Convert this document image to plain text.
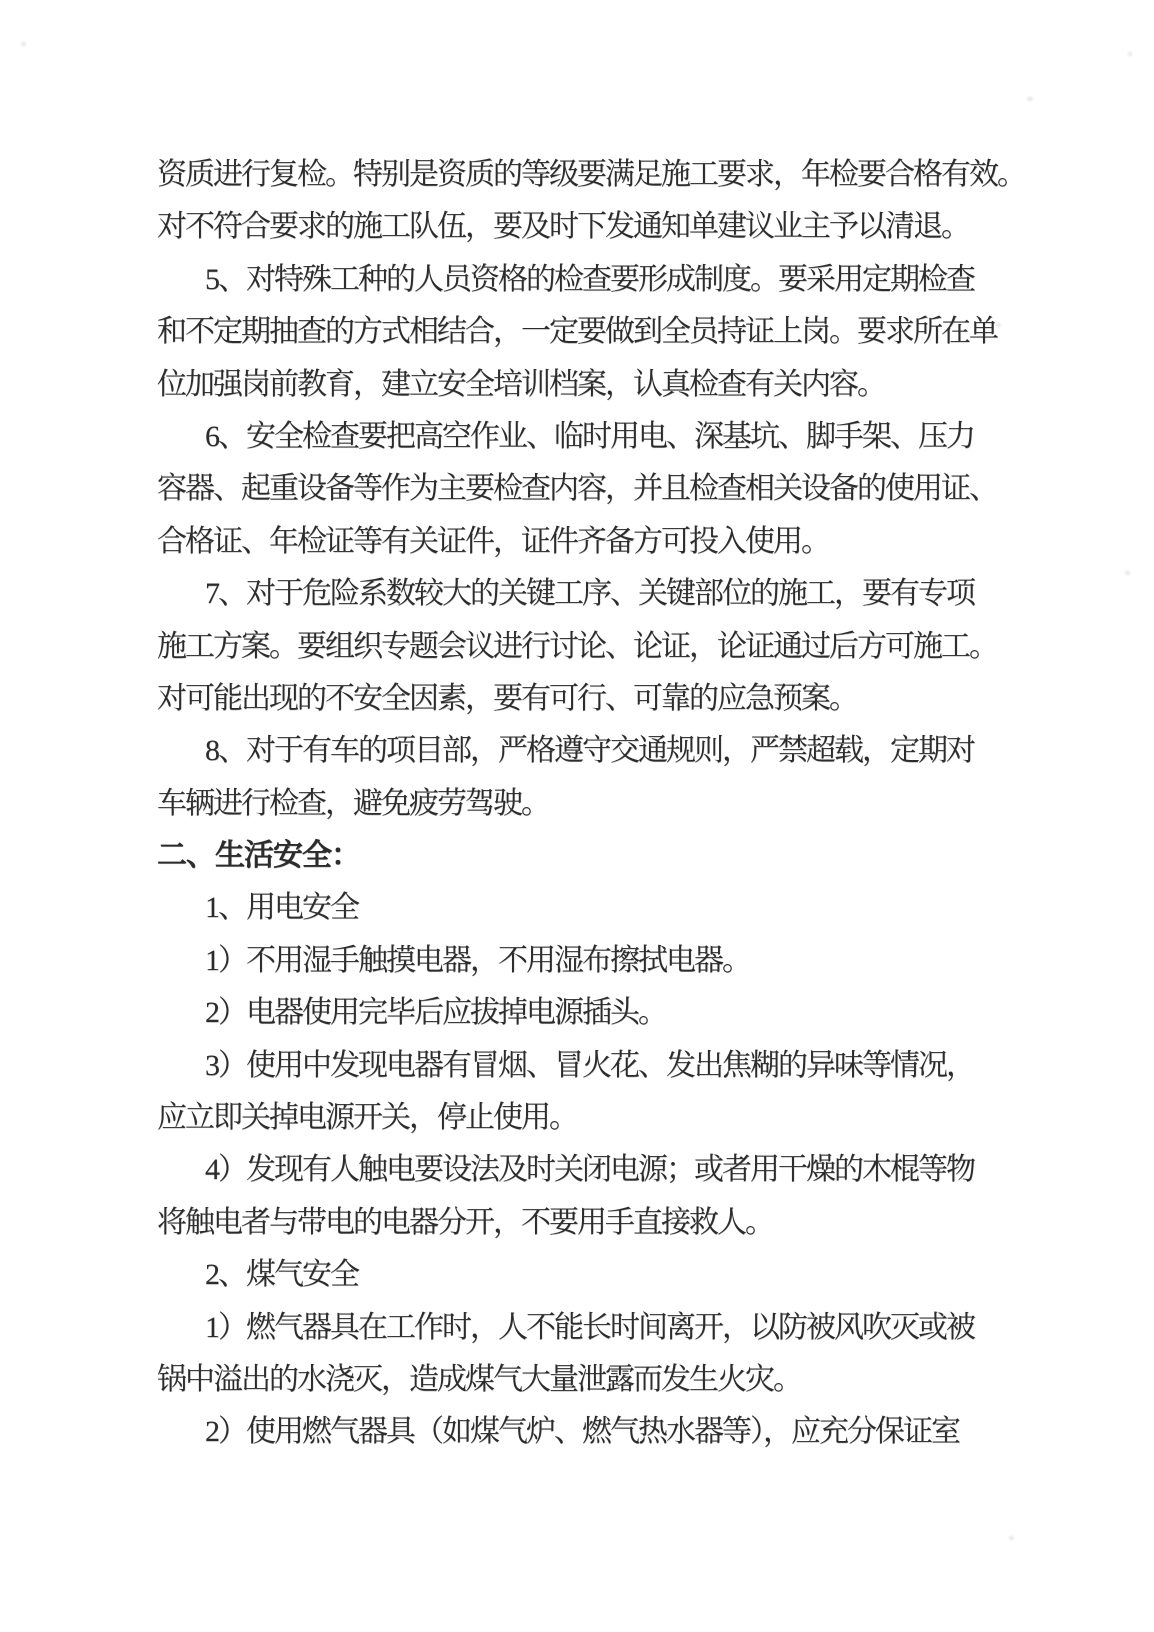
资质进行复检。特别是资质的等级要满足施工要求，年检要合格有效。
对不符合要求的施工队伍，要及时下发通知单建议业主予以清退。
5、对特殊工种的人员资格的检查要形成制度。要采用定期检查
和不定期抽查的方式相结合，一定要做到全员持证上岗。要求所在单
位加强岗前教育，建立安全培训档案，认真检查有关内容。
6、安全检查要把高空作业、临时用电、深基坑、脚手架、压力
容器、起重设备等作为主要检查内容，并且检查相关设备的使用证、
合格证、年检证等有关证件，证件齐备方可投入使用。
7、对于危险系数较大的关键工序、关键部位的施工，要有专项
施工方案。要组织专题会议进行讨论、论证，论证通过后方可施工。
对可能出现的不安全因素，要有可行、可靠的应急预案。
8、对于有车的项目部，严格遵守交通规则，严禁超载，定期对
车辆进行检查，避免疲劳驾驶。
二、生活安全：
1、用电安全
1）不用湿手触摸电器，不用湿布擦拭电器。
2）电器使用完毕后应拔掉电源插头。
3）使用中发现电器有冒烟、冒火花、发出焦糊的异味等情况，
应立即关掉电源开关，停止使用。
4）发现有人触电要设法及时关闭电源；或者用干燥的木棍等物
将触电者与带电的电器分开，不要用手直接救人。
2、煤气安全
1）燃气器具在工作时，人不能长时间离开，以防被风吹灭或被
锅中溢出的水浇灭，造成煤气大量泄露而发生火灾。
2）使用燃气器具（如煤气炉、燃气热水器等），应充分保证室
